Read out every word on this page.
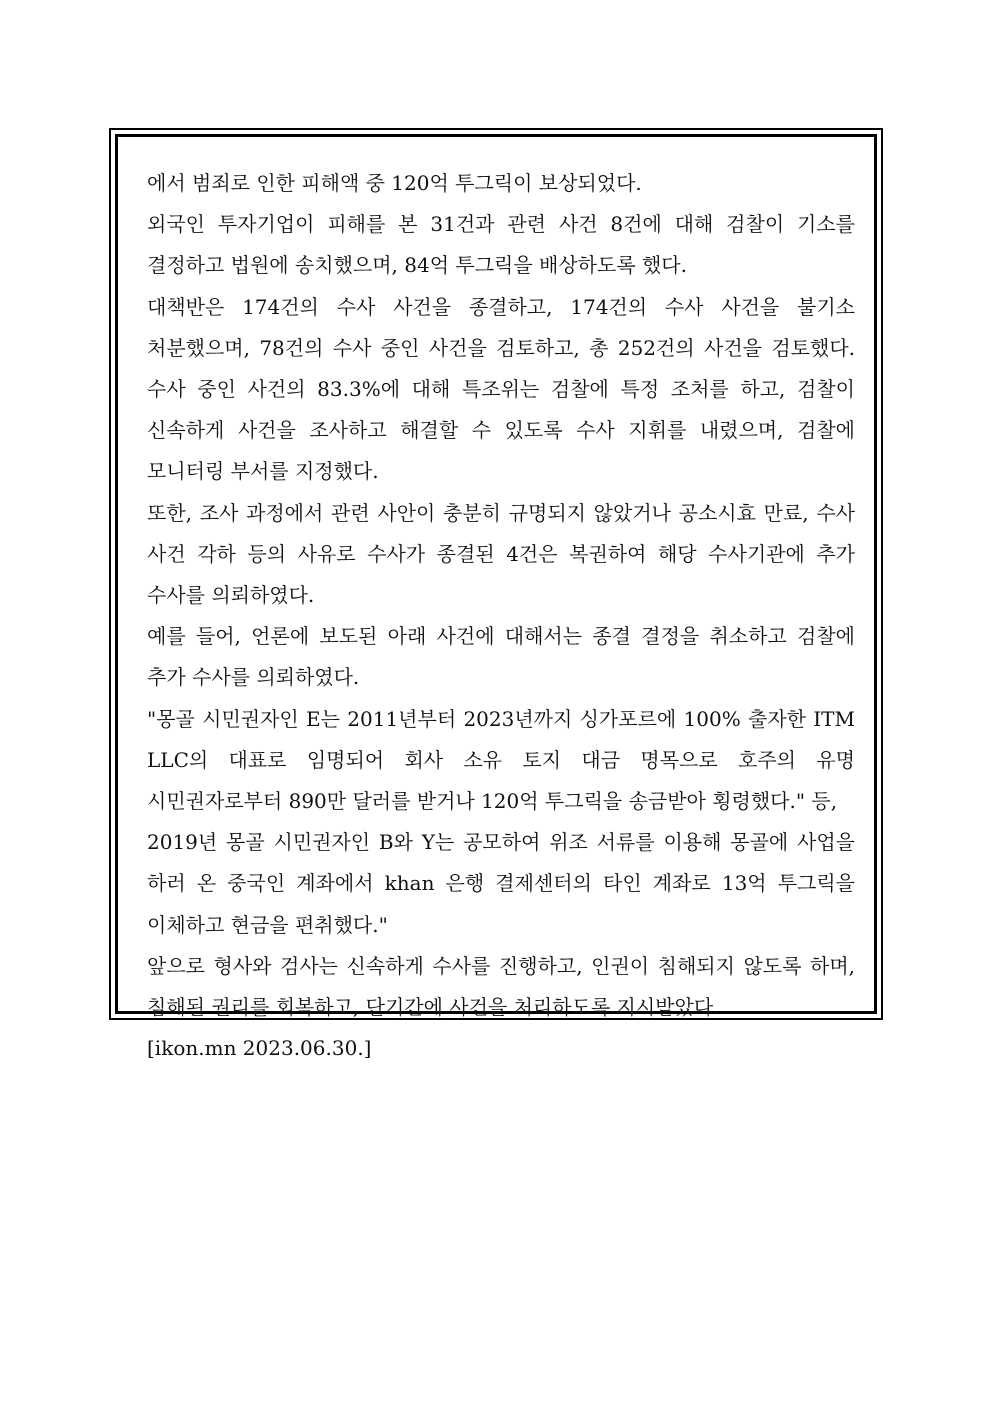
에서 범죄로 인한 피해액 중 120억 투그릭이 보상되었다.

외국인 투자기업이 피해를 본 31건과 관련 사건 8건에 대해 검찰이 기소를 결정하고 법원에 송치했으며, 84억 투그릭을 배상하도록 했다.

대책반은 174건의 수사 사건을 종결하고, 174건의 수사 사건을 불기소 처분했으며, 78건의 수사 중인 사건을 검토하고, 총 252건의 사건을 검토했다. 수사 중인 사건의 83.3%에 대해 특조위는 검찰에 특정 조처를 하고, 검찰이 신속하게 사건을 조사하고 해결할 수 있도록 수사 지휘를 내렸으며, 검찰에 모니터링 부서를 지정했다.

또한, 조사 과정에서 관련 사안이 충분히 규명되지 않았거나 공소시효 만료, 수사 사건 각하 등의 사유로 수사가 종결된 4건은 복권하여 해당 수사기관에 추가 수사를 의뢰하였다.

예를 들어, 언론에 보도된 아래 사건에 대해서는 종결 결정을 취소하고 검찰에 추가 수사를 의뢰하였다.

"몽골 시민권자인 E는 2011년부터 2023년까지 싱가포르에 100% 출자한 ITM LLC의 대표로 임명되어 회사 소유 토지 대금 명목으로 호주의 유명 시민권자로부터 890만 달러를 받거나 120억 투그릭을 송금받아 횡령했다." 등,

2019년 몽골 시민권자인 B와 Y는 공모하여 위조 서류를 이용해 몽골에 사업을 하러 온 중국인 계좌에서 khan 은행 결제센터의 타인 계좌로 13억 투그릭을 이체하고 현금을 편취했다."

앞으로 형사와 검사는 신속하게 수사를 진행하고, 인권이 침해되지 않도록 하며, 침해된 권리를 회복하고, 단기간에 사건을 처리하도록 지시받았다.

[ikon.mn 2023.06.30.]
